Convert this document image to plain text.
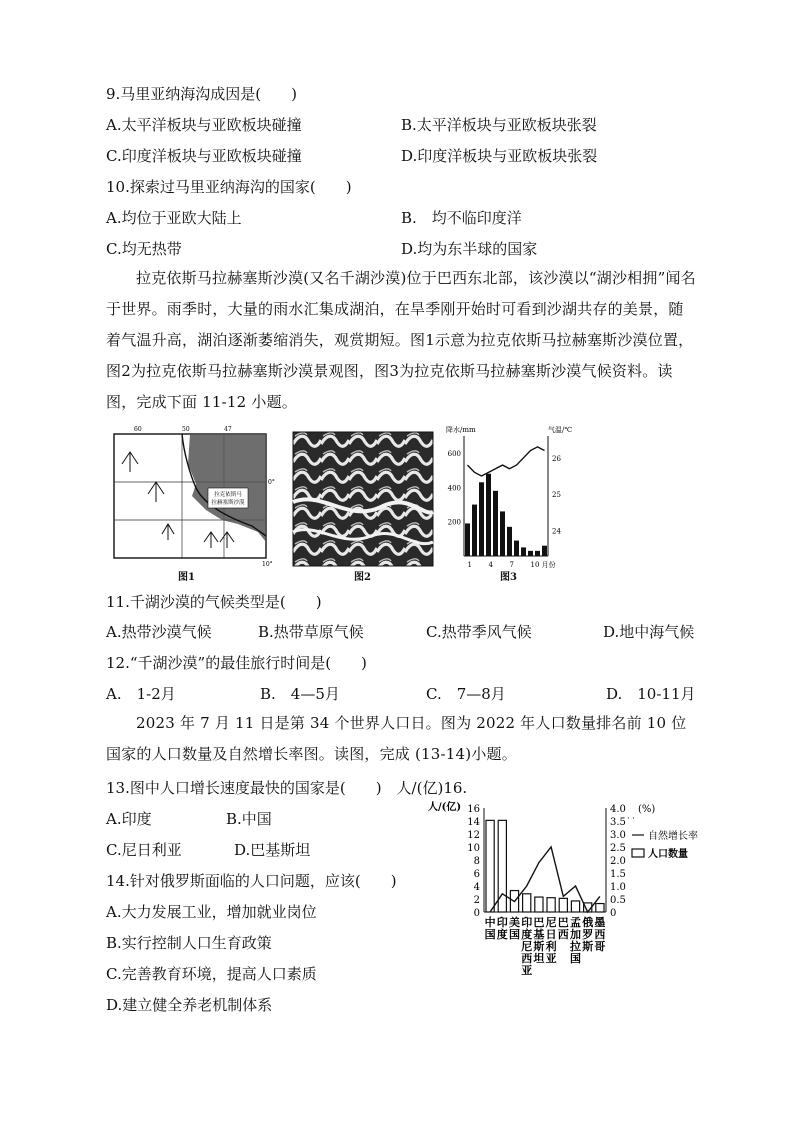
9.马里亚纳海沟成因是(　　)
A.太平洋板块与亚欧板块碰撞	B.太平洋板块与亚欧板块张裂
C.印度洋板块与亚欧板块碰撞	D.印度洋板块与亚欧板块张裂
10.探索过马里亚纳海沟的国家(　　)
A.均位于亚欧大陆上	B.　均不临印度洋
C.均无热带	D.均为东半球的国家
拉克依斯马拉赫塞斯沙漠(又名千湖沙漠)位于巴西东北部，该沙漠以“湖沙相拥”闻名于世界。雨季时，大量的雨水汇集成湖泊，在旱季刚开始时可看到沙湖共存的美景，随着气温升高，湖泊逐渐萎缩消失，观赏期短。图1示意为拉克依斯马拉赫塞斯沙漠位置，图2为拉克依斯马拉赫塞斯沙漠景观图，图3为拉克依斯马拉赫塞斯沙漠气候资料。读图，完成下面 11-12 小题。
拉克依斯马
拉赫塞斯沙漠
60	50	47
0°
10°
图1	图2
降水/mm	气温/℃
600
400
200
26
25
24
1 4 7 10 月份
图3
11.千湖沙漠的气候类型是(　　)
A.热带沙漠气候	B.热带草原气候	C.热带季风气候	D.地中海气候
12.“千湖沙漠”的最佳旅行时间是(　　)
A.　1-2月	B.　4—5月	C.　7—8月	D.　10-11月
2023 年 7 月 11 日是第 34 个世界人口日。图为 2022 年人口数量排名前 10 位国家的人口数量及自然增长率图。读图，完成 (13-14)小题。
13.图中人口增长速度最快的国家是(　　)　人/(亿)16.
A.印度	B.中国
C.尼日利亚	D.巴基斯坦
14.针对俄罗斯面临的人口问题，应该(　　)
A.大力发展工业，增加就业岗位
B.实行控制人口生育政策
C.完善教育环境，提高人口素质
D.建立健全养老机制体系
人/(亿) 16
14
12
10
8
6
4
2
0
4.0
3.5˙˙
3.0
2.5
2.0
1.5
1.0
0.5
0
(%)
中
国
印
度
美
国
印
度
尼
西
亚
巴
基
斯
坦
尼
日
利
亚
巴
西
孟
加
拉
国
俄
罗
斯
墨
西
哥
自然增长率
人口数量
